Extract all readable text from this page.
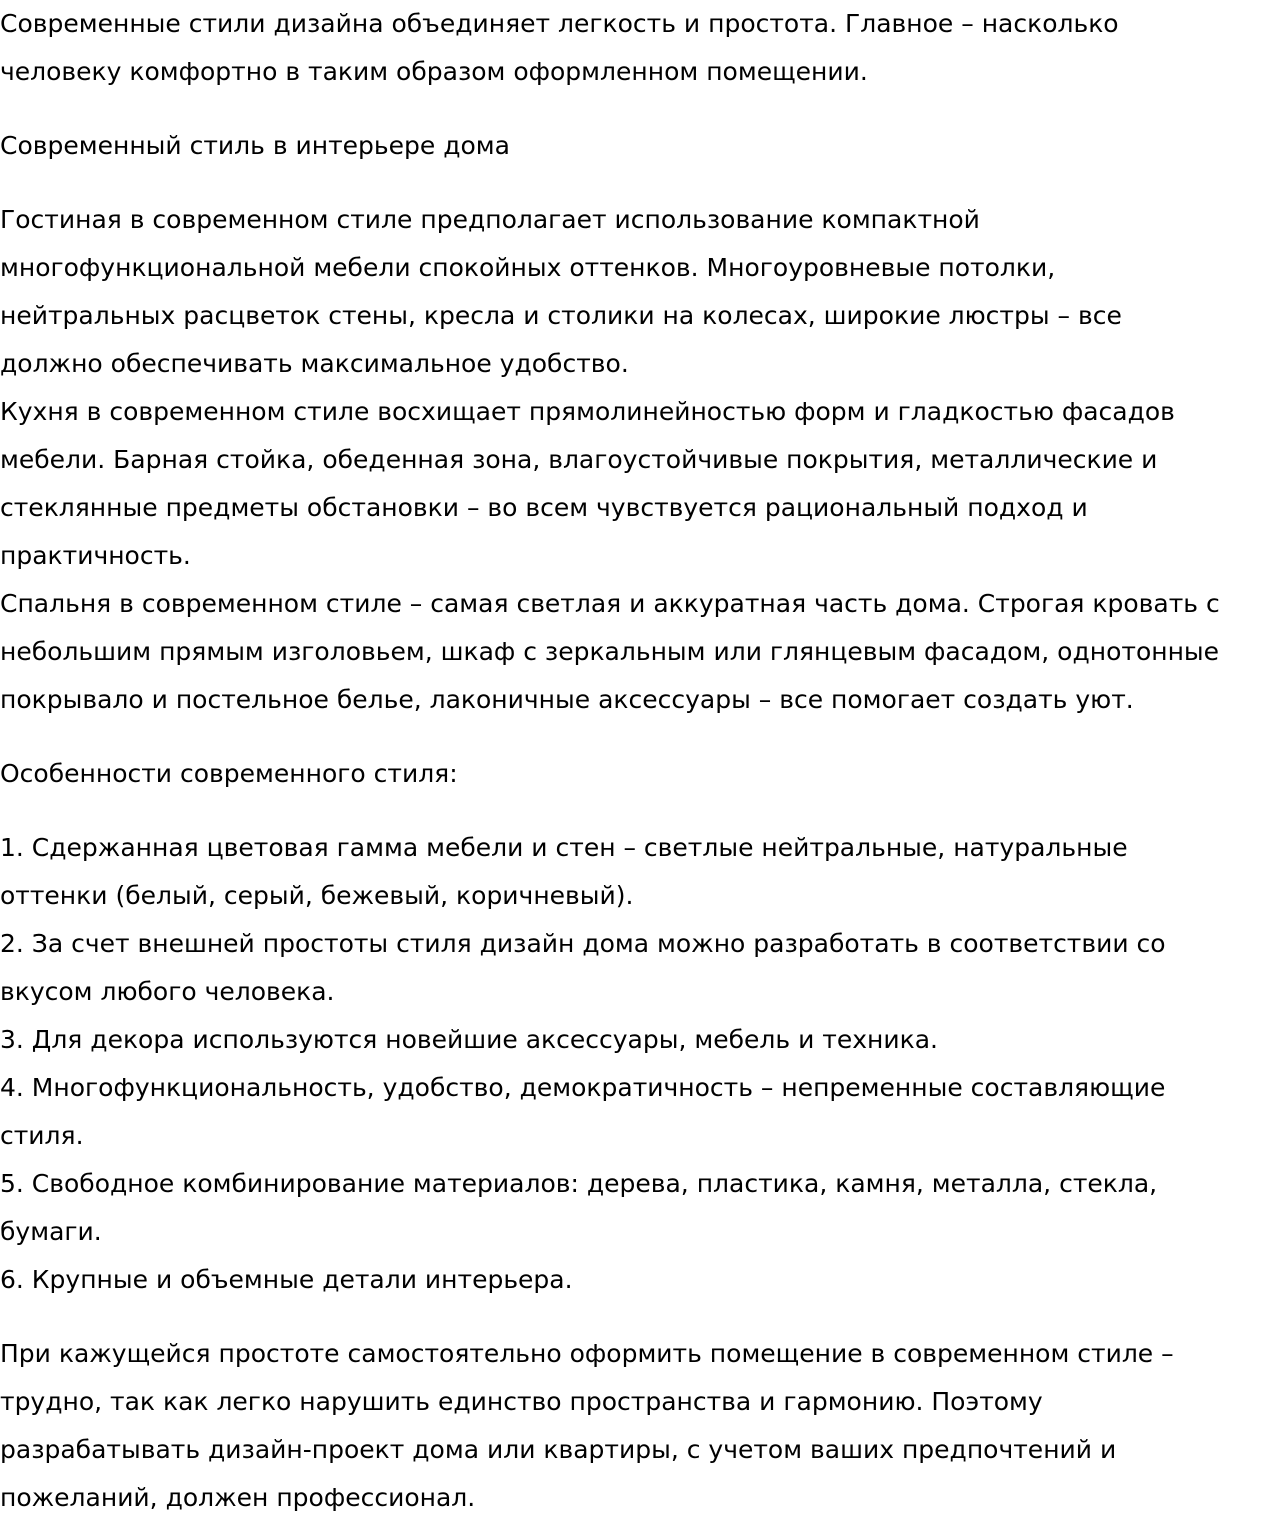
Современные стили дизайна объединяет легкость и простота. Главное – насколько
человеку комфортно в таким образом оформленном помещении.
Современный стиль в интерьере дома
Гостиная в современном стиле предполагает использование компактной
многофункциональной мебели спокойных оттенков. Многоуровневые потолки,
нейтральных расцветок стены, кресла и столики на колесах, широкие люстры – все
должно обеспечивать максимальное удобство.
Кухня в современном стиле восхищает прямолинейностью форм и гладкостью фасадов
мебели. Барная стойка, обеденная зона, влагоустойчивые покрытия, металлические и
стеклянные предметы обстановки – во всем чувствуется рациональный подход и
практичность.
Спальня в современном стиле – самая светлая и аккуратная часть дома. Строгая кровать с
небольшим прямым изголовьем, шкаф с зеркальным или глянцевым фасадом, однотонные
покрывало и постельное белье, лаконичные аксессуары – все помогает создать уют.
Особенности современного стиля:
1. Сдержанная цветовая гамма мебели и стен – светлые нейтральные, натуральные
оттенки (белый, серый, бежевый, коричневый).
2. За счет внешней простоты стиля дизайн дома можно разработать в соответствии со
вкусом любого человека.
3. Для декора используются новейшие аксессуары, мебель и техника.
4. Многофункциональность, удобство, демократичность – непременные составляющие
стиля.
5. Свободное комбинирование материалов: дерева, пластика, камня, металла, стекла,
бумаги.
6. Крупные и объемные детали интерьера.
При кажущейся простоте самостоятельно оформить помещение в современном стиле –
трудно, так как легко нарушить единство пространства и гармонию. Поэтому
разрабатывать дизайн-проект дома или квартиры, с учетом ваших предпочтений и
пожеланий, должен профессионал.
